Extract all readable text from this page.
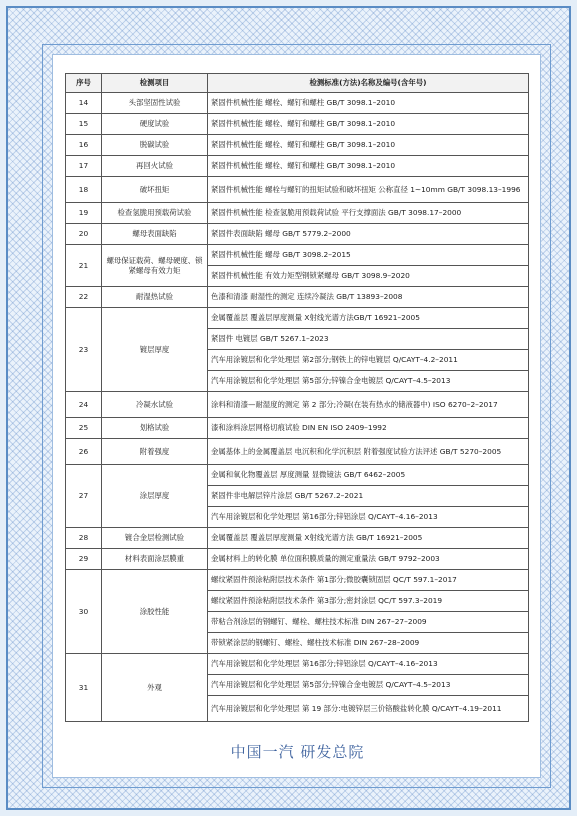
序号	检测项目	检测标准(方法)名称及编号(含年号)
14	头部坚固性试验	紧固件机械性能 螺栓、螺钉和螺柱 GB/T 3098.1–2010
15	硬度试验	紧固件机械性能 螺栓、螺钉和螺柱 GB/T 3098.1–2010
16	脱碳试验	紧固件机械性能 螺栓、螺钉和螺柱 GB/T 3098.1–2010
17	再回火试验	紧固件机械性能 螺栓、螺钉和螺柱 GB/T 3098.1–2010
18	破坏扭矩	紧固件机械性能 螺栓与螺钉的扭矩试验和破坏扭矩 公称直径 1~10mm GB/T 3098.13–1996
19	检查氢脆用预载荷试验	紧固件机械性能 检查氢脆用预载荷试验 平行支撑面法 GB/T 3098.17–2000
20	螺母表面缺陷	紧固件表面缺陷 螺母 GB/T 5779.2–2000
21	螺母保证载荷、螺母硬度、锁紧螺母有效力矩	紧固件机械性能 螺母 GB/T 3098.2–2015
		紧固件机械性能 有效力矩型钢锁紧螺母 GB/T 3098.9–2020
22	耐湿热试验	色漆和清漆 耐湿性的测定 连续冷凝法 GB/T 13893–2008
23	镀层厚度	金属覆盖层 覆盖层厚度测量 X射线光谱方法GB/T 16921–2005
		紧固件 电镀层 GB/T 5267.1–2023
		汽车用涂镀层和化学处理层 第2部分;钢铁上的锌电镀层 Q/CAYT–4.2–2011
		汽车用涂镀层和化学处理层 第5部分;锌镍合金电镀层 Q/CAYT–4.5–2013
24	冷凝水试验	涂料和清漆—耐湿度的测定 第 2 部分;冷凝(在装有热水的储液器中) ISO 6270–2–2017
25	划格试验	漆和涂料涂层网格切痕试验 DIN EN ISO 2409–1992
26	附着强度	金属基体上的金属覆盖层 电沉积和化学沉积层 附着强度试验方法评述 GB/T 5270–2005
27	涂层厚度	金属和氧化物覆盖层 厚度测量 显微镜法 GB/T 6462–2005
		紧固件非电解层锌片涂层 GB/T 5267.2–2021
		汽车用涂镀层和化学处理层 第16部分;锌铝涂层 Q/CAYT–4.16–2013
28	镀合金层检测试验	金属覆盖层 覆盖层厚度测量 X射线光谱方法 GB/T 16921–2005
29	材料表面涂层膜重	金属材料上的转化膜 单位面积膜质量的测定重量法 GB/T 9792–2003
30	涂胶性能	螺纹紧固件预涂粘附层技术条件 第1部分;微胶囊锁固层 QC/T 597.1–2017
		螺纹紧固件预涂粘附层技术条件 第3部分;密封涂层 QC/T 597.3–2019
		带粘合剂涂层的钢螺钉、螺栓、螺柱技术标准 DIN 267–27–2009
		带锁紧涂层的钢螺钉、螺栓、螺柱技术标准 DIN 267–28–2009
31	外观	汽车用涂镀层和化学处理层 第16部分;锌铝涂层 Q/CAYT–4.16–2013
		汽车用涂镀层和化学处理层 第5部分;锌镍合金电镀层 Q/CAYT–4.5–2013
		汽车用涂镀层和化学处理层 第 19 部分:电镀锌层三价铬酸盐转化膜 Q/CAYT–4.19–2011
中国一汽 研发总院
